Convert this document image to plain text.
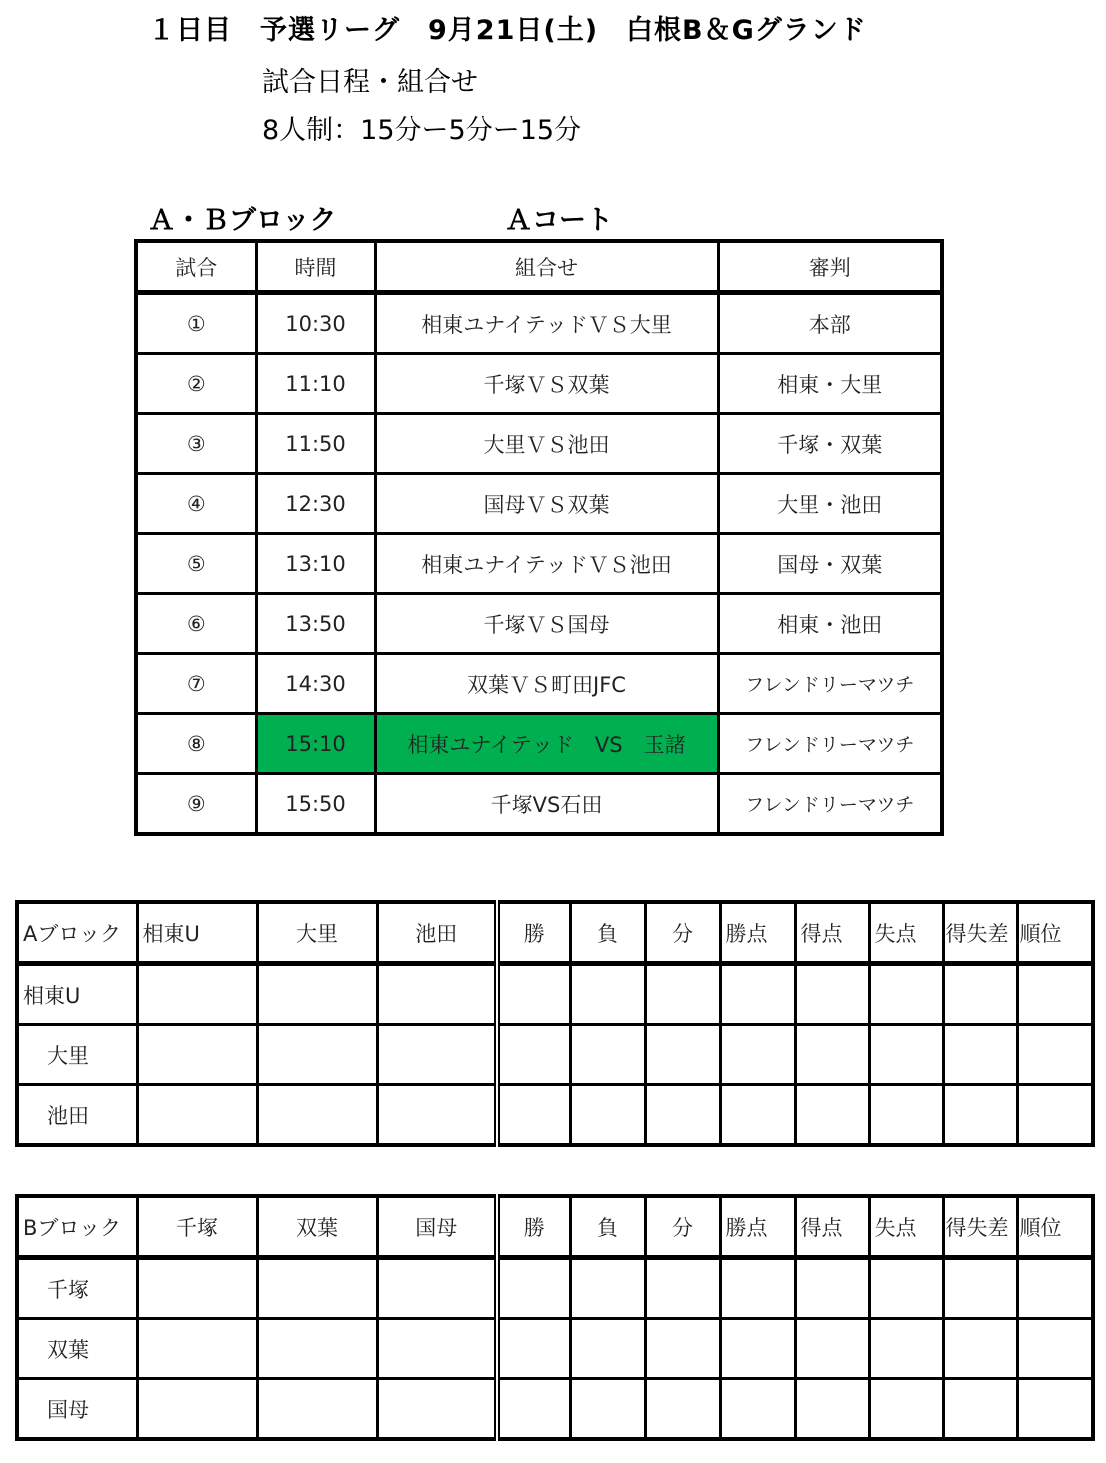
１日目　予選リーグ　9月21日(土)　白根B＆Gグランド
試合日程・組合せ
8人制：15分ー5分ー15分
Ａ・Ｂブロック	Ａコート
試合	時間	組合せ	審判
①	10:30	相東ユナイテッドＶＳ大里	本部
②	11:10	千塚ＶＳ双葉	相東・大里
③	11:50	大里ＶＳ池田	千塚・双葉
④	12:30	国母ＶＳ双葉	大里・池田
⑤	13:10	相東ユナイテッドＶＳ池田	国母・双葉
⑥	13:50	千塚ＶＳ国母	相東・池田
⑦	14:30	双葉ＶＳ町田JFC	フレンドリーマツチ
⑧	15:10	相東ユナイテッド　VS　玉諸	フレンドリーマツチ
⑨	15:50	千塚VS石田	フレンドリーマツチ
Aブロック	相東U	大里	池田	勝	負	分	勝点	得点	失点	得失差	順位
相東U											
大里											
池田											
Bブロック	千塚	双葉	国母	勝	負	分	勝点	得点	失点	得失差	順位
千塚											
双葉											
国母											
